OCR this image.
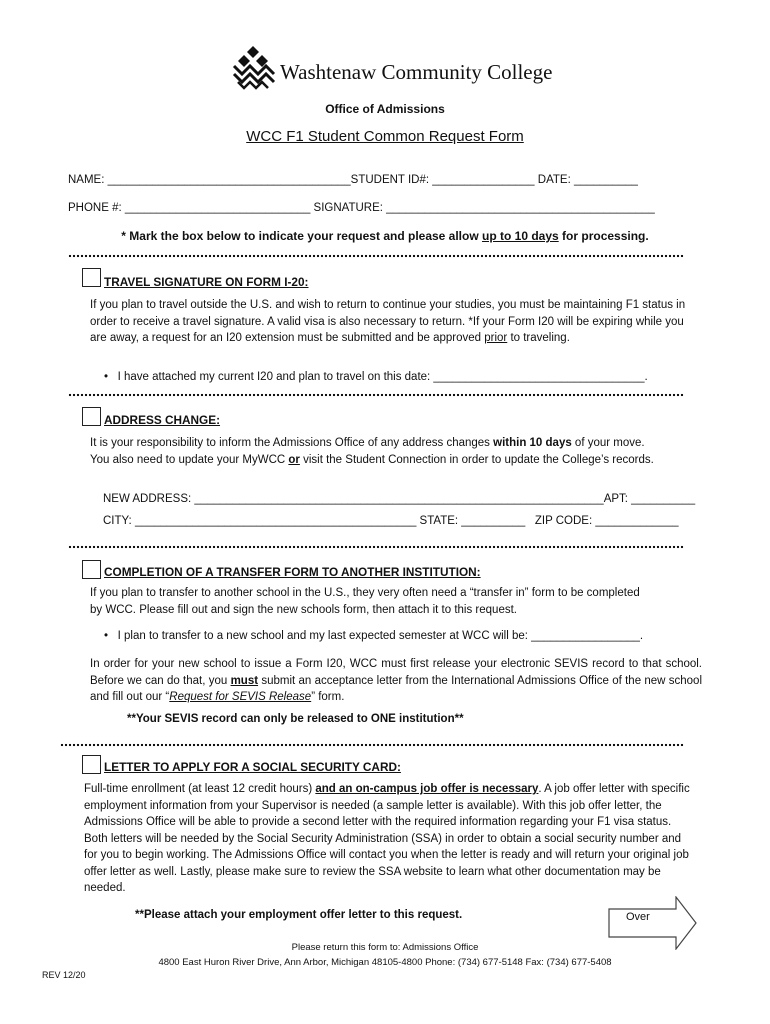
Washtenaw Community College
Office of Admissions
WCC F1 Student Common Request Form
NAME: ______________________________________STUDENT ID#: ________________ DATE: __________
PHONE #: _____________________________ SIGNATURE: __________________________________________
* Mark the box below to indicate your request and please allow up to 10 days for processing.
TRAVEL SIGNATURE ON FORM I-20:
If you plan to travel outside the U.S. and wish to return to continue your studies, you must be maintaining F1 status in order to receive a travel signature. A valid visa is also necessary to return. *If your Form I20 will be expiring while you are away, a request for an I20 extension must be submitted and be approved prior to traveling.
•   I have attached my current I20 and plan to travel on this date: _________________________________.
ADDRESS CHANGE:
It is your responsibility to inform the Admissions Office of any address changes within 10 days of your move.
You also need to update your MyWCC or visit the Student Connection in order to update the College’s records.
NEW ADDRESS: ________________________________________________________________APT: __________
CITY: ____________________________________________ STATE: __________   ZIP CODE: _____________
COMPLETION OF A TRANSFER FORM TO ANOTHER INSTITUTION:
If you plan to transfer to another school in the U.S., they very often need a “transfer in” form to be completed by WCC. Please fill out and sign the new schools form, then attach it to this request.
•   I plan to transfer to a new school and my last expected semester at WCC will be: _________________.
In order for your new school to issue a Form I20, WCC must first release your electronic SEVIS record to that school. Before we can do that, you must submit an acceptance letter from the International Admissions Office of the new school and fill out our “Request for SEVIS Release” form.
**Your SEVIS record can only be released to ONE institution**
LETTER TO APPLY FOR A SOCIAL SECURITY CARD:
Full-time enrollment (at least 12 credit hours) and an on-campus job offer is necessary. A job offer letter with specific employment information from your Supervisor is needed (a sample letter is available). With this job offer letter, the Admissions Office will be able to provide a second letter with the required information regarding your F1 visa status. Both letters will be needed by the Social Security Administration (SSA) in order to obtain a social security number and for you to begin working. The Admissions Office will contact you when the letter is ready and will return your original job offer letter as well. Lastly, please make sure to review the SSA website to learn what other documentation may be needed.
**Please attach your employment offer letter to this request.	Over
Please return this form to: Admissions Office
4800 East Huron River Drive, Ann Arbor, Michigan 48105-4800 Phone: (734) 677-5148 Fax: (734) 677-5408
REV 12/20
